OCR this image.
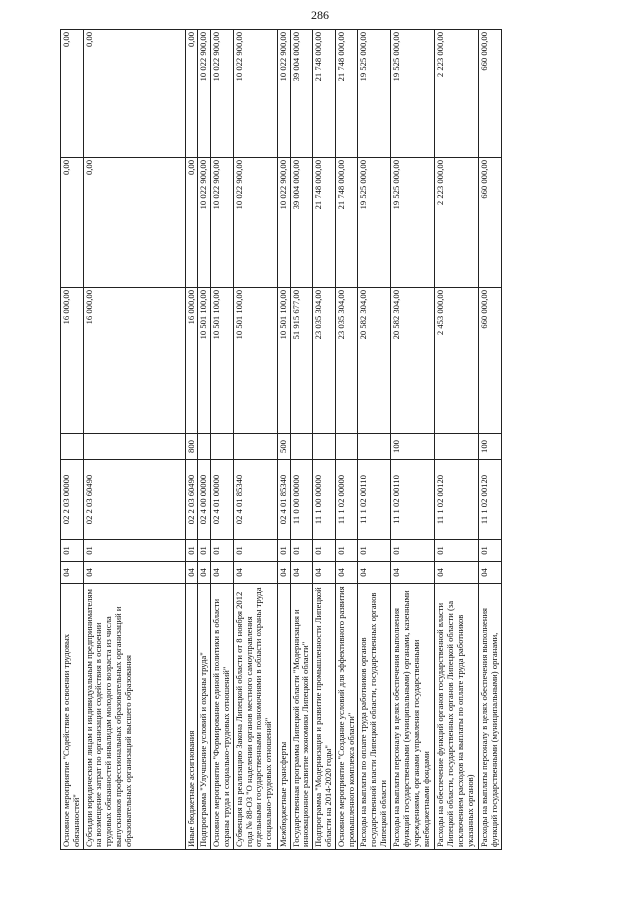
286
Основное мероприятие "Содействие в освоении трудовых обязанностей"	04	01	02 2 03 00000		16 000,00	0,00	0,00
Субсидии юридическим лицам и индивидуальным предпринимателям на возмещение затрат по организации содействия в освоении трудовых обязанностей инвалидам молодого возраста из числа выпускников профессиональных образовательных организаций и образовательных организаций высшего образования	04	01	02 2 03 60490		16 000,00	0,00	0,00
Иные бюджетные ассигнования	04	01	02 2 03 60490	800	16 000,00	0,00	0,00
Подпрограмма "Улучшение условий и охраны труда"	04	01	02 4 00 00000		10 501 100,00	10 022 900,00	10 022 900,00
Основное мероприятие "Формирование единой политики в области охраны труда и социально-трудовых отношений"	04	01	02 4 01 00000		10 501 100,00	10 022 900,00	10 022 900,00
Субвенция на реализацию Закона Липецкой области от 8 ноября 2012 года № 88-ОЗ "О наделении органов местного самоуправления отдельными государственными полномочиями в области охраны труда и социально-трудовых отношений"	04	01	02 4 01 85340		10 501 100,00	10 022 900,00	10 022 900,00
Межбюджетные трансферты	04	01	02 4 01 85340	500	10 501 100,00	10 022 900,00	10 022 900,00
Государственная программа Липецкой области "Модернизация и инновационное развитие экономики Липецкой области"	04	01	11 0 00 00000		51 915 677,00	39 004 000,00	39 004 000,00
Подпрограмма "Модернизация и развитие промышленности Липецкой области на 2014-2020 годы"	04	01	11 1 00 00000		23 035 304,00	21 748 000,00	21 748 000,00
Основное мероприятие "Создание условий для эффективного развития промышленного комплекса области"	04	01	11 1 02 00000		23 035 304,00	21 748 000,00	21 748 000,00
Расходы на выплаты по оплате труда работников органов государственной власти Липецкой области, государственных органов Липецкой области	04	01	11 1 02 00110		20 582 304,00	19 525 000,00	19 525 000,00
Расходы на выплаты персоналу в целях обеспечения выполнения функций государственными (муниципальными) органами, казенными учреждениями, органами управления государственными внебюджетными фондами	04	01	11 1 02 00110	100	20 582 304,00	19 525 000,00	19 525 000,00
Расходы на обеспечение функций органов государственной власти Липецкой области, государственных органов Липецкой области (за исключением расходов на выплаты по оплате труда работников указанных органов)	04	01	11 1 02 00120		2 453 000,00	2 223 000,00	2 223 000,00
Расходы на выплаты персоналу в целях обеспечения выполнения функций государственными (муниципальными) органами,	04	01	11 1 02 00120	100	660 000,00	660 000,00	660 000,00
